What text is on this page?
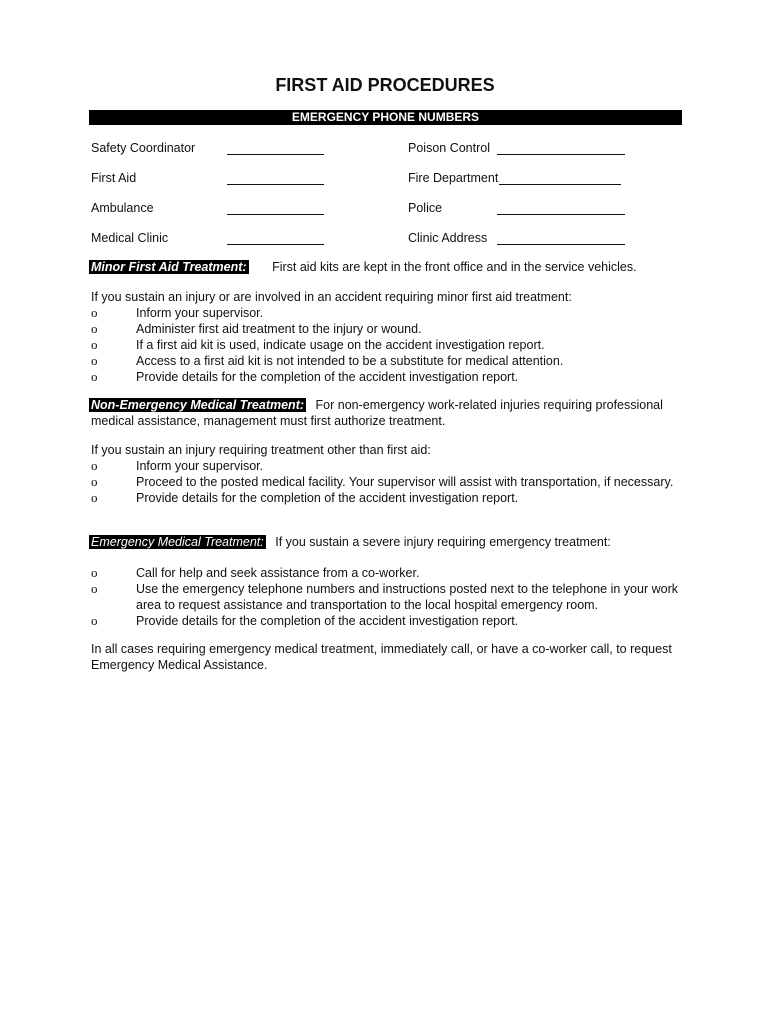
FIRST AID PROCEDURES
EMERGENCY PHONE NUMBERS
Safety Coordinator	Poison Control
First Aid	Fire Department
Ambulance	Police
Medical Clinic	Clinic Address
Minor First Aid Treatment: First aid kits are kept in the front office and in the service vehicles.
If you sustain an injury or are involved in an accident requiring minor first aid treatment:
o	Inform your supervisor.
o	Administer first aid treatment to the injury or wound.
o	If a first aid kit is used, indicate usage on the accident investigation report.
o	Access to a first aid kit is not intended to be a substitute for medical attention.
o	Provide details for the completion of the accident investigation report.
Non-Emergency Medical Treatment: For non-emergency work-related injuries requiring professional
medical assistance, management must first authorize treatment.
If you sustain an injury requiring treatment other than first aid:
o	Inform your supervisor.
o	Proceed to the posted medical facility. Your supervisor will assist with transportation, if necessary.
o	Provide details for the completion of the accident investigation report.
Emergency Medical Treatment: If you sustain a severe injury requiring emergency treatment:
o	Call for help and seek assistance from a co-worker.
o	Use the emergency telephone numbers and instructions posted next to the telephone in your work area to request assistance and transportation to the local hospital emergency room.
o	Provide details for the completion of the accident investigation report.
In all cases requiring emergency medical treatment, immediately call, or have a co-worker call, to request Emergency Medical Assistance.
